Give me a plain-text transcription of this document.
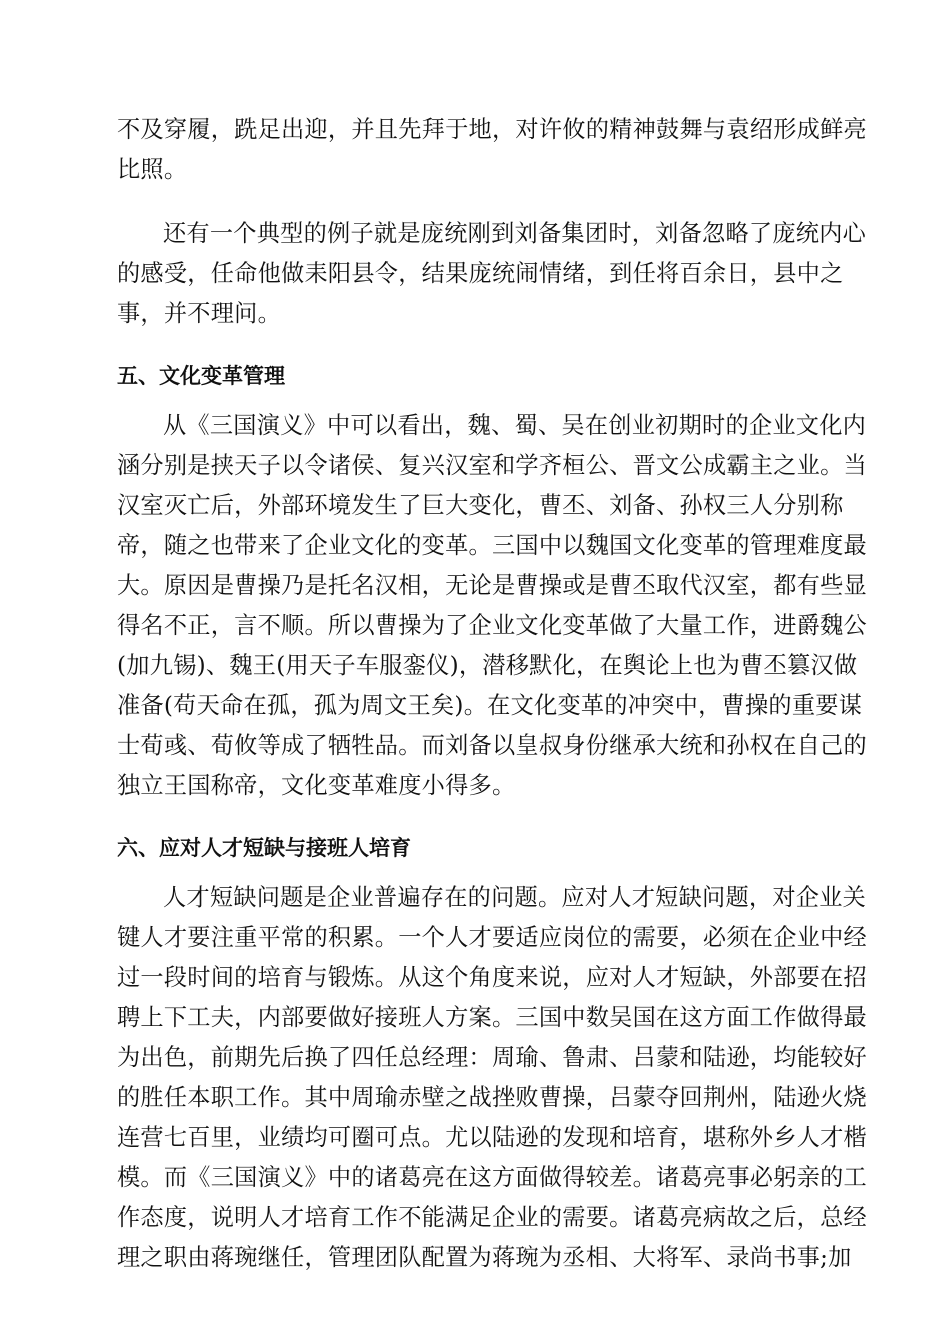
不及穿履，跣足出迎，并且先拜于地，对许攸的精神鼓舞与袁绍形成鲜亮
比照。
还有一个典型的例子就是庞统刚到刘备集团时，刘备忽略了庞统内心
的感受，任命他做耒阳县令，结果庞统闹情绪，到任将百余日，县中之
事，并不理问。
五、文化变革管理
从《三国演义》中可以看出，魏、蜀、吴在创业初期时的企业文化内
涵分别是挟天子以令诸侯、复兴汉室和学齐桓公、晋文公成霸主之业。当
汉室灭亡后，外部环境发生了巨大变化，曹丕、刘备、孙权三人分别称
帝，随之也带来了企业文化的变革。三国中以魏国文化变革的管理难度最
大。原因是曹操乃是托名汉相，无论是曹操或是曹丕取代汉室，都有些显
得名不正，言不顺。所以曹操为了企业文化变革做了大量工作，进爵魏公
(加九锡)、魏王(用天子车服銮仪)，潜移默化，在舆论上也为曹丕篡汉做
准备(苟天命在孤，孤为周文王矣)。在文化变革的冲突中，曹操的重要谋
士荀彧、荀攸等成了牺牲品。而刘备以皇叔身份继承大统和孙权在自己的
独立王国称帝，文化变革难度小得多。
六、应对人才短缺与接班人培育
人才短缺问题是企业普遍存在的问题。应对人才短缺问题，对企业关
键人才要注重平常的积累。一个人才要适应岗位的需要，必须在企业中经
过一段时间的培育与锻炼。从这个角度来说，应对人才短缺，外部要在招
聘上下工夫，内部要做好接班人方案。三国中数吴国在这方面工作做得最
为出色，前期先后换了四任总经理：周瑜、鲁肃、吕蒙和陆逊，均能较好
的胜任本职工作。其中周瑜赤壁之战挫败曹操，吕蒙夺回荆州，陆逊火烧
连营七百里，业绩均可圈可点。尤以陆逊的发现和培育，堪称外乡人才楷
模。而《三国演义》中的诸葛亮在这方面做得较差。诸葛亮事必躬亲的工
作态度，说明人才培育工作不能满足企业的需要。诸葛亮病故之后，总经
理之职由蒋琬继任，管理团队配置为蒋琬为丞相、大将军、录尚书事;加
